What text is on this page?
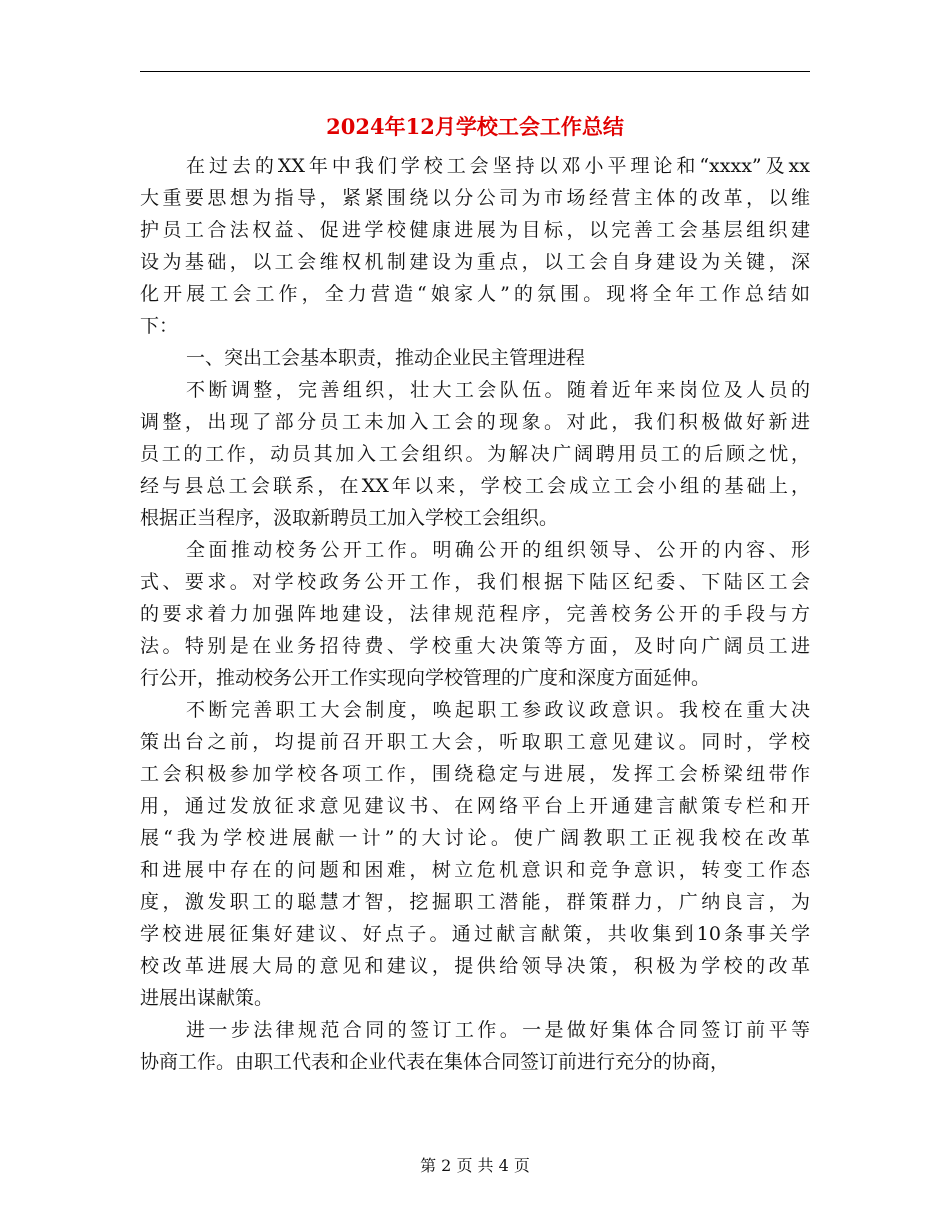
2024年12月学校工会工作总结
在过去的XX年中我们学校工会坚持以邓小平理论和“xxxx”及xx
大重要思想为指导，紧紧围绕以分公司为市场经营主体的改革，以维
护员工合法权益、促进学校健康进展为目标，以完善工会基层组织建
设为基础，以工会维权机制建设为重点，以工会自身建设为关键，深
化开展工会工作，全力营造“娘家人”的氛围。现将全年工作总结如
下：
一、突出工会基本职责，推动企业民主管理进程
不断调整，完善组织，壮大工会队伍。随着近年来岗位及人员的
调整，出现了部分员工未加入工会的现象。对此，我们积极做好新进
员工的工作，动员其加入工会组织。为解决广阔聘用员工的后顾之忧，
经与县总工会联系，在XX年以来，学校工会成立工会小组的基础上，
根据正当程序，汲取新聘员工加入学校工会组织。
全面推动校务公开工作。明确公开的组织领导、公开的内容、形
式、要求。对学校政务公开工作，我们根据下陆区纪委、下陆区工会
的要求着力加强阵地建设，法律规范程序，完善校务公开的手段与方
法。特别是在业务招待费、学校重大决策等方面，及时向广阔员工进
行公开，推动校务公开工作实现向学校管理的广度和深度方面延伸。
不断完善职工大会制度，唤起职工参政议政意识。我校在重大决
策出台之前，均提前召开职工大会，听取职工意见建议。同时，学校
工会积极参加学校各项工作，围绕稳定与进展，发挥工会桥梁纽带作
用，通过发放征求意见建议书、在网络平台上开通建言献策专栏和开
展“我为学校进展献一计”的大讨论。使广阔教职工正视我校在改革
和进展中存在的问题和困难，树立危机意识和竞争意识，转变工作态
度，激发职工的聪慧才智，挖掘职工潜能，群策群力，广纳良言，为
学校进展征集好建议、好点子。通过献言献策，共收集到10条事关学
校改革进展大局的意见和建议，提供给领导决策，积极为学校的改革
进展出谋献策。
进一步法律规范合同的签订工作。一是做好集体合同签订前平等
协商工作。由职工代表和企业代表在集体合同签订前进行充分的协商，
第 2 页 共 4 页
